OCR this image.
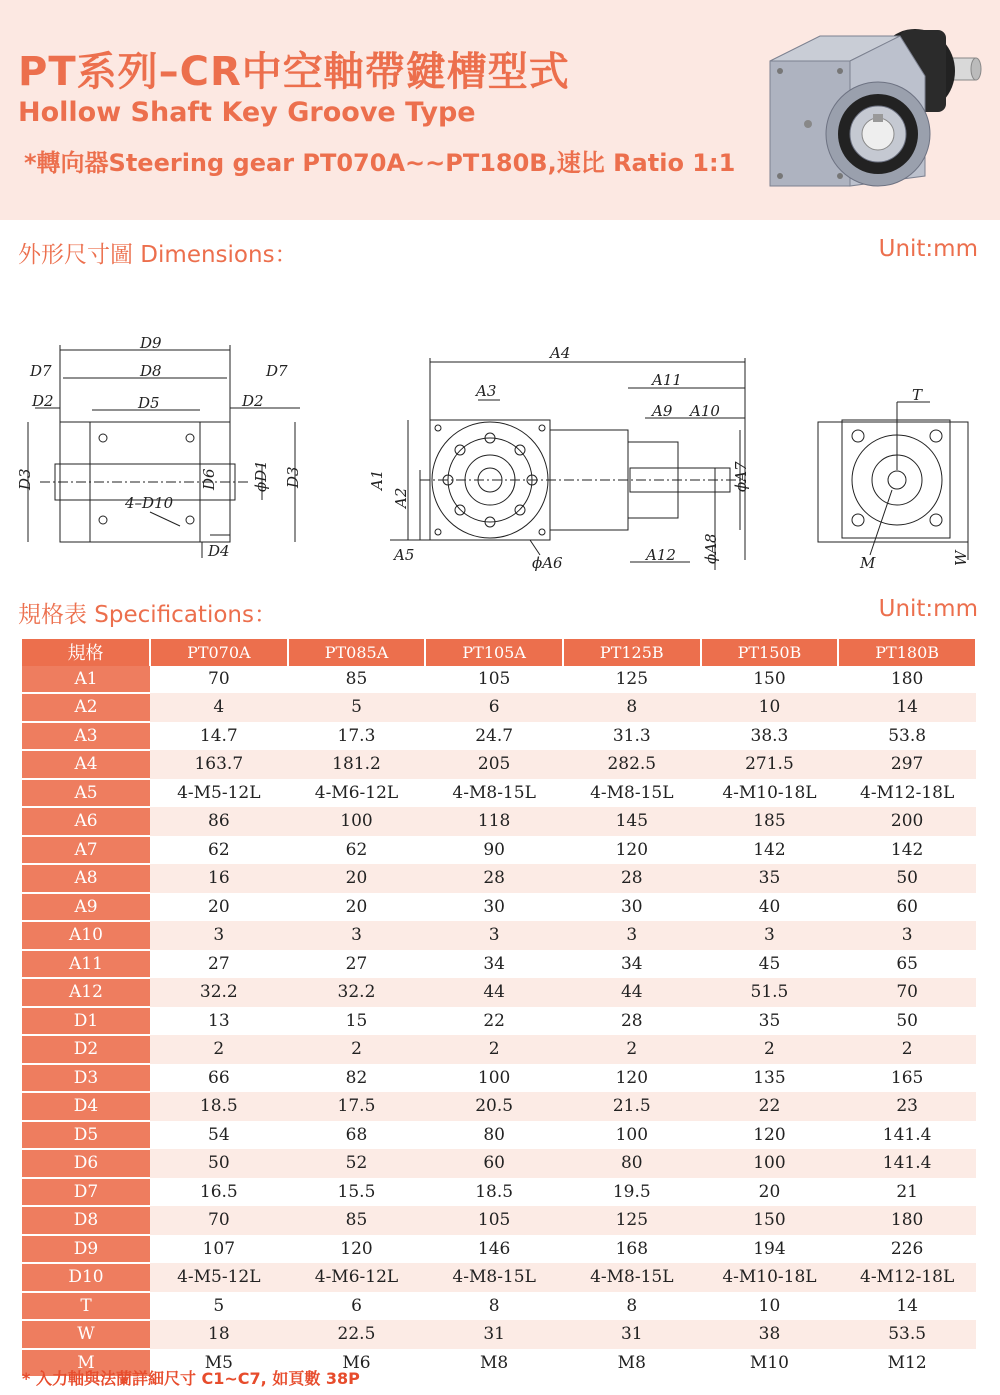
PT系列–CR中空軸帶鍵槽型式
Hollow Shaft Key Groove Type
*轉向器Steering gear PT070A~~PT180B,速比 Ratio 1:1
外形尺寸圖 Dimensions：	Unit:mm
D9
D7	D8	D7
D2	D5	D2
D3	D3
D6 ϕD1
4–D10
D4
A4
A3
A11
A9 A10
A1
A2
ϕA7
A5	ϕA6	A12 ϕA8
T
M	W
規格表 Specifications：	Unit:mm
規格	PT070A	PT085A	PT105A	PT125B	PT150B	PT180B
A1	70	85	105	125	150	180
A2	4	5	6	8	10	14
A3	14.7	17.3	24.7	31.3	38.3	53.8
A4	163.7	181.2	205	282.5	271.5	297
A5	4-M5-12L	4-M6-12L	4-M8-15L	4-M8-15L	4-M10-18L	4-M12-18L
A6	86	100	118	145	185	200
A7	62	62	90	120	142	142
A8	16	20	28	28	35	50
A9	20	20	30	30	40	60
A10	3	3	3	3	3	3
A11	27	27	34	34	45	65
A12	32.2	32.2	44	44	51.5	70
D1	13	15	22	28	35	50
D2	2	2	2	2	2	2
D3	66	82	100	120	135	165
D4	18.5	17.5	20.5	21.5	22	23
D5	54	68	80	100	120	141.4
D6	50	52	60	80	100	141.4
D7	16.5	15.5	18.5	19.5	20	21
D8	70	85	105	125	150	180
D9	107	120	146	168	194	226
D10	4-M5-12L	4-M6-12L	4-M8-15L	4-M8-15L	4-M10-18L	4-M12-18L
T	5	6	8	8	10	14
W	18	22.5	31	31	38	53.5
M	M5	M6	M8	M8	M10	M12
* 入力軸與法蘭詳細尺寸 C1~C7, 如頁數 38P
